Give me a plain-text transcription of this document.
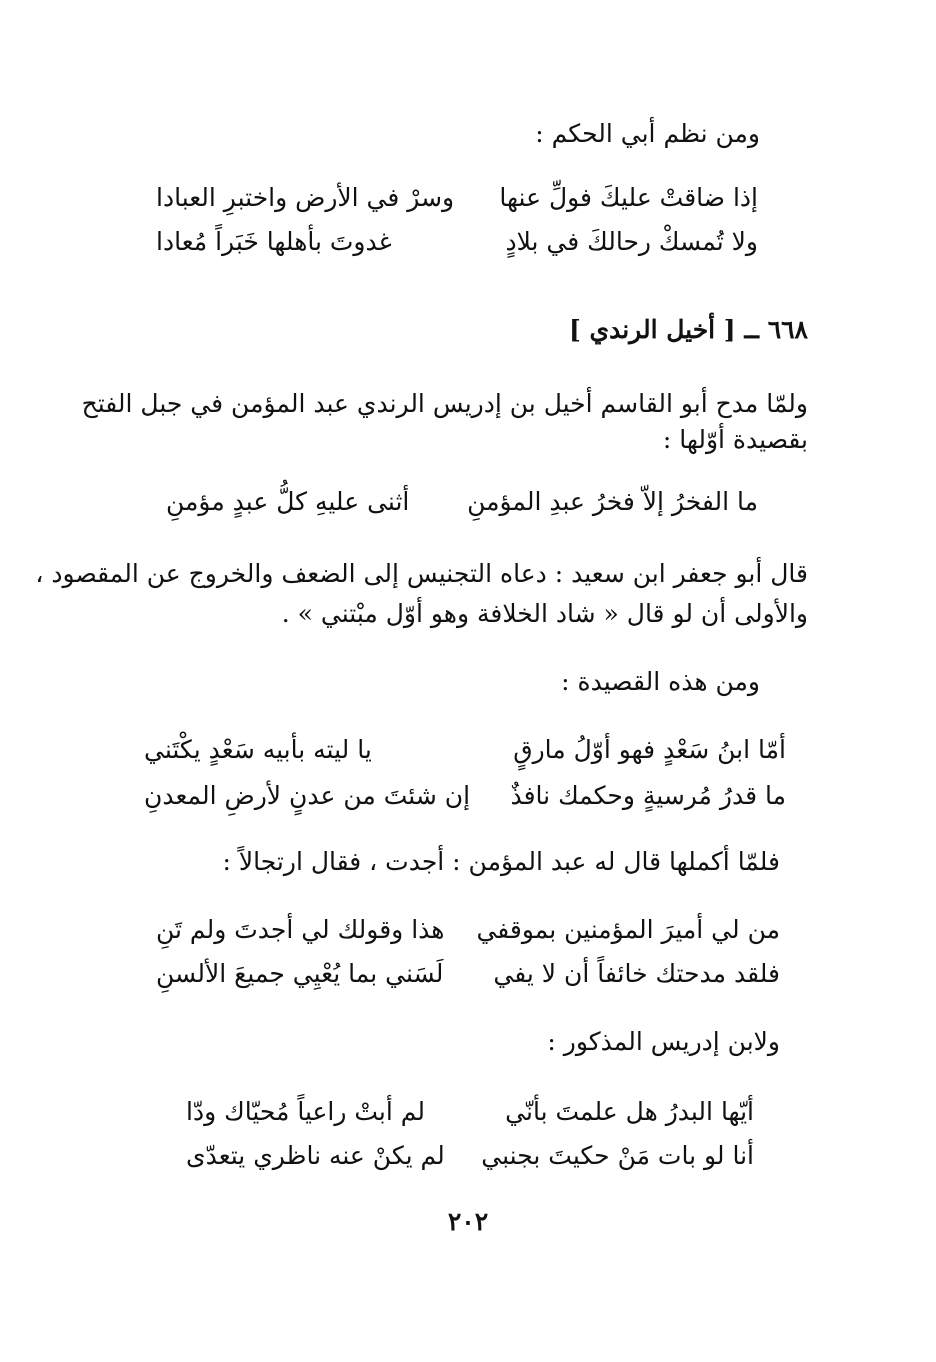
ومن نظم أبي الحكم :
إذا ضاقتْ عليكَ فولِّ عنها
وسرْ في الأرض واختبرِ العبادا
ولا تُمسكْ رحالكَ في بلادٍ
غدوتَ بأهلها خَبَراً مُعادا
٦٦٨ ــ [ أخيل الرندي ]
ولمّا مدح أبو القاسم أخيل بن إدريس الرندي عبد المؤمن في جبل الفتح
بقصيدة أوّلها :
ما الفخرُ إلاّ فخرُ عبدِ المؤمنِ
أثنى عليهِ كلُّ عبدٍ مؤمنِ
قال أبو جعفر ابن سعيد : دعاه التجنيس إلى الضعف والخروج عن المقصود ،
والأولى أن لو قال « شاد الخلافة وهو أوّل مبْتني » .
ومن هذه القصيدة :
أمّا ابنُ سَعْدٍ فهو أوّلُ مارقٍ
يا ليته بأبيه سَعْدٍ يكْتَني
ما قدرُ مُرسيةٍ وحكمك نافذٌ
إن شئتَ من عدنٍ لأرضِ المعدنِ
فلمّا أكملها قال له عبد المؤمن : أجدت ، فقال ارتجالاً :
من لي أميرَ المؤمنين بموقفي
هذا وقولك لي أجدتَ ولم تَنِ
فلقد مدحتك خائفاً أن لا يفي
لَسَني بما يُعْيِي جميعَ الألسنِ
ولابن إدريس المذكور :
أيّها البدرُ هل علمتَ بأنّي
لم أبتْ راعياً مُحيّاك ودّا
أنا لو بات مَنْ حكيتَ بجنبي
لم يكنْ عنه ناظري يتعدّى
٢٠٢
